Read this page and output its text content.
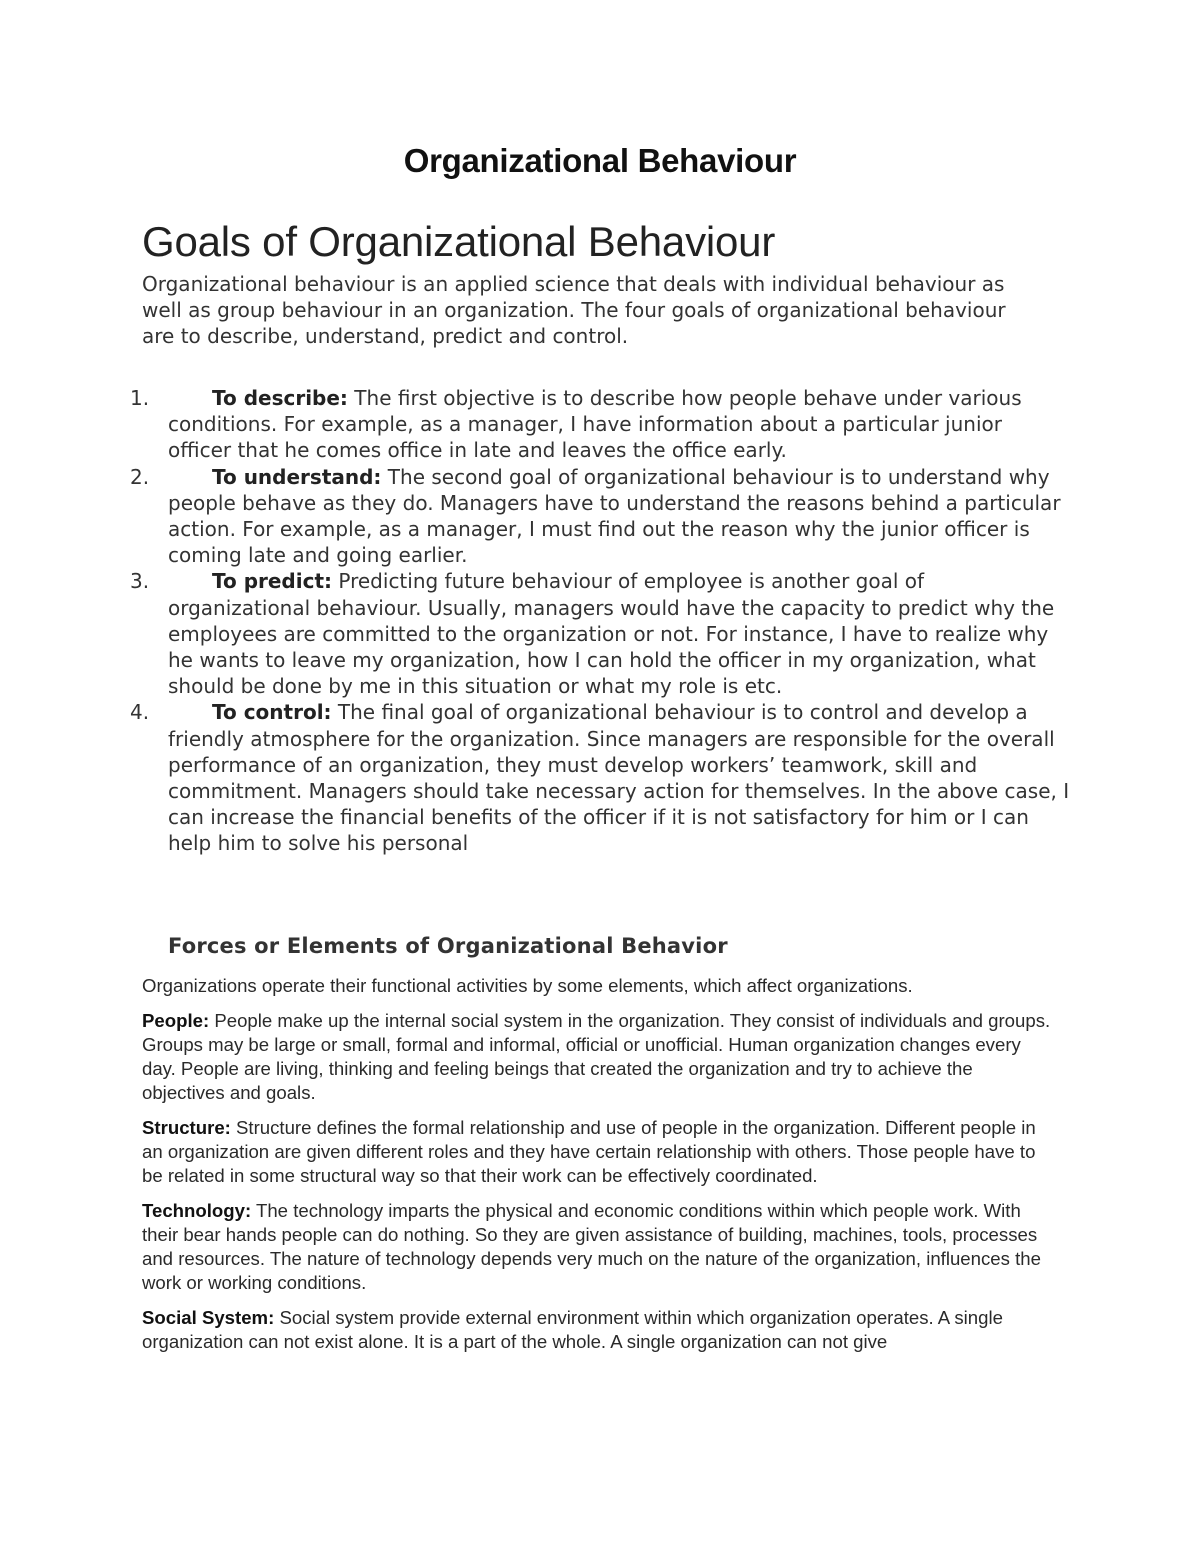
Organizational Behaviour
Goals of Organizational Behaviour

Organizational behaviour is an applied science that deals with individual behaviour as well as group behaviour in an organization. The four goals of organizational behaviour are to describe, understand, predict and control.

1.	To describe: The first objective is to describe how people behave under various conditions. For example, as a manager, I have information about a particular junior officer that he comes office in late and leaves the office early.
2.	To understand: The second goal of organizational behaviour is to understand why people behave as they do. Managers have to understand the reasons behind a particular action. For example, as a manager, I must find out the reason why the junior officer is coming late and going earlier.
3.	To predict: Predicting future behaviour of employee is another goal of organizational behaviour. Usually, managers would have the capacity to predict why the employees are committed to the organization or not. For instance, I have to realize why he wants to leave my organization, how I can hold the officer in my organization, what should be done by me in this situation or what my role is etc.
4.	To control: The final goal of organizational behaviour is to control and develop a friendly atmosphere for the organization. Since managers are responsible for the overall performance of an organization, they must develop workers’ teamwork, skill and commitment. Managers should take necessary action for themselves. In the above case, I can increase the financial benefits of the officer if it is not satisfactory for him or I can help him to solve his personal
Forces or Elements of Organizational Behavior

Organizations operate their functional activities by some elements, which affect organizations.

People: People make up the internal social system in the organization. They consist of individuals and groups. Groups may be large or small, formal and informal, official or unofficial. Human organization changes every day. People are living, thinking and feeling beings that created the organization and try to achieve the objectives and goals.

Structure: Structure defines the formal relationship and use of people in the organization. Different people in an organization are given different roles and they have certain relationship with others. Those people have to be related in some structural way so that their work can be effectively coordinated.

Technology: The technology imparts the physical and economic conditions within which people work. With their bear hands people can do nothing. So they are given assistance of building, machines, tools, processes and resources. The nature of technology depends very much on the nature of the organization, influences the work or working conditions.

Social System: Social system provide external environment within which organization operates. A single organization can not exist alone. It is a part of the whole. A single organization can not give
